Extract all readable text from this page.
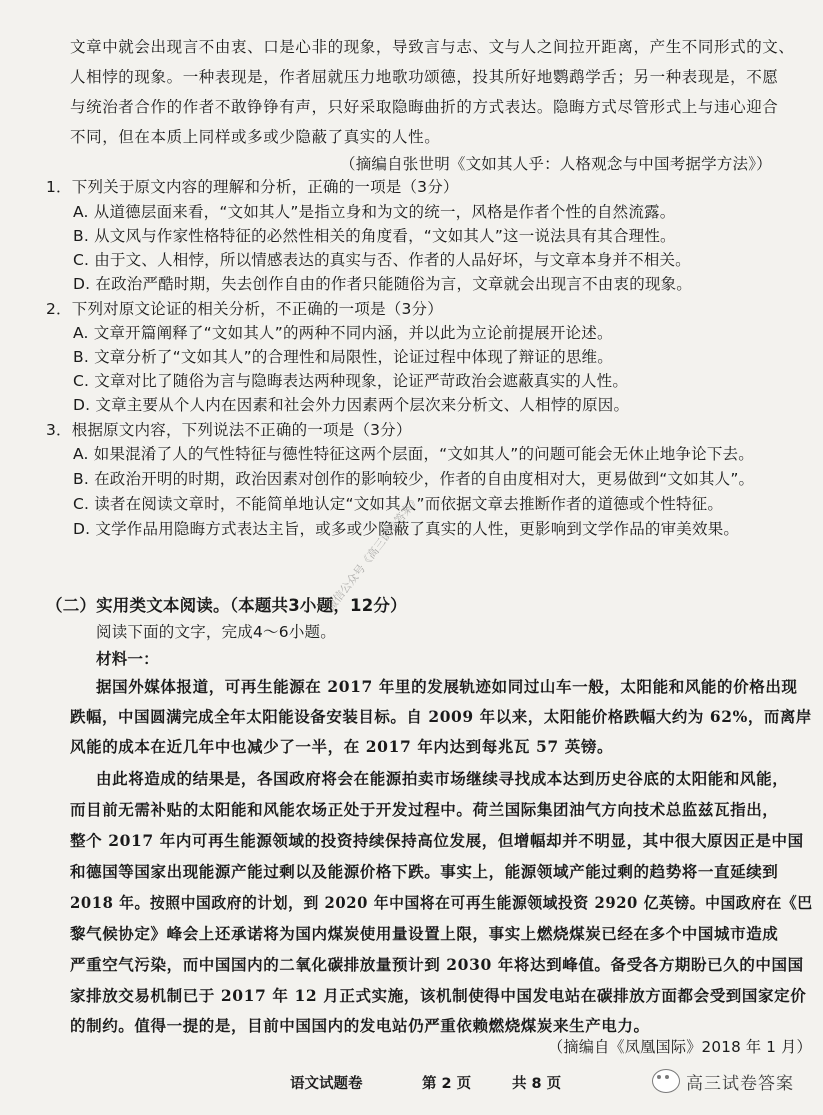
文章中就会出现言不由衷、口是心非的现象，导致言与志、文与人之间拉开距离，产生不同形式的文、
人相悖的现象。一种表现是，作者屈就压力地歌功颂德，投其所好地鹦鹉学舌；另一种表现是，不愿
与统治者合作的作者不敢铮铮有声，只好采取隐晦曲折的方式表达。隐晦方式尽管形式上与违心迎合
不同，但在本质上同样或多或少隐蔽了真实的人性。
（摘编自张世明《文如其人乎：人格观念与中国考据学方法》）
1．下列关于原文内容的理解和分析，正确的一项是（3分）
A. 从道德层面来看，“文如其人”是指立身和为文的统一，风格是作者个性的自然流露。
B. 从文风与作家性格特征的必然性相关的角度看，“文如其人”这一说法具有其合理性。
C. 由于文、人相悖，所以情感表达的真实与否、作者的人品好坏，与文章本身并不相关。
D. 在政治严酷时期，失去创作自由的作者只能随俗为言，文章就会出现言不由衷的现象。
2．下列对原文论证的相关分析，不正确的一项是（3分）
A. 文章开篇阐释了“文如其人”的两种不同内涵，并以此为立论前提展开论述。
B. 文章分析了“文如其人”的合理性和局限性，论证过程中体现了辩证的思维。
C. 文章对比了随俗为言与隐晦表达两种现象，论证严苛政治会遮蔽真实的人性。
D. 文章主要从个人内在因素和社会外力因素两个层次来分析文、人相悖的原因。
3．根据原文内容，下列说法不正确的一项是（3分）
A. 如果混淆了人的气性特征与德性特征这两个层面，“文如其人”的问题可能会无休止地争论下去。
B. 在政治开明的时期，政治因素对创作的影响较少，作者的自由度相对大，更易做到“文如其人”。
C. 读者在阅读文章时，不能简单地认定“文如其人”而依据文章去推断作者的道德或个性特征。
D. 文学作品用隐晦方式表达主旨，或多或少隐蔽了真实的人性，更影响到文学作品的审美效果。
微信公众号《高三试卷答案》
（二）实用类文本阅读。（本题共3小题，12分）
阅读下面的文字，完成4～6小题。
材料一：
据国外媒体报道，可再生能源在 2017 年里的发展轨迹如同过山车一般，太阳能和风能的价格出现
跌幅，中国圆满完成全年太阳能设备安装目标。自 2009 年以来，太阳能价格跌幅大约为 62%，而离岸
风能的成本在近几年中也减少了一半，在 2017 年内达到每兆瓦 57 英镑。
由此将造成的结果是，各国政府将会在能源拍卖市场继续寻找成本达到历史谷底的太阳能和风能，
而目前无需补贴的太阳能和风能农场正处于开发过程中。荷兰国际集团油气方向技术总监兹瓦指出，
整个 2017 年内可再生能源领域的投资持续保持高位发展，但增幅却并不明显，其中很大原因正是中国
和德国等国家出现能源产能过剩以及能源价格下跌。事实上，能源领域产能过剩的趋势将一直延续到
2018 年。按照中国政府的计划，到 2020 年中国将在可再生能源领域投资 2920 亿英镑。中国政府在《巴
黎气候协定》峰会上还承诺将为国内煤炭使用量设置上限，事实上燃烧煤炭已经在多个中国城市造成
严重空气污染，而中国国内的二氧化碳排放量预计到 2030 年将达到峰值。备受各方期盼已久的中国国
家排放交易机制已于 2017 年 12 月正式实施，该机制使得中国发电站在碳排放方面都会受到国家定价
的制约。值得一提的是，目前中国国内的发电站仍严重依赖燃烧煤炭来生产电力。
（摘编自《凤凰国际》2018 年 1 月）
语文试题卷	第 2 页	共 8 页	高三试卷答案
